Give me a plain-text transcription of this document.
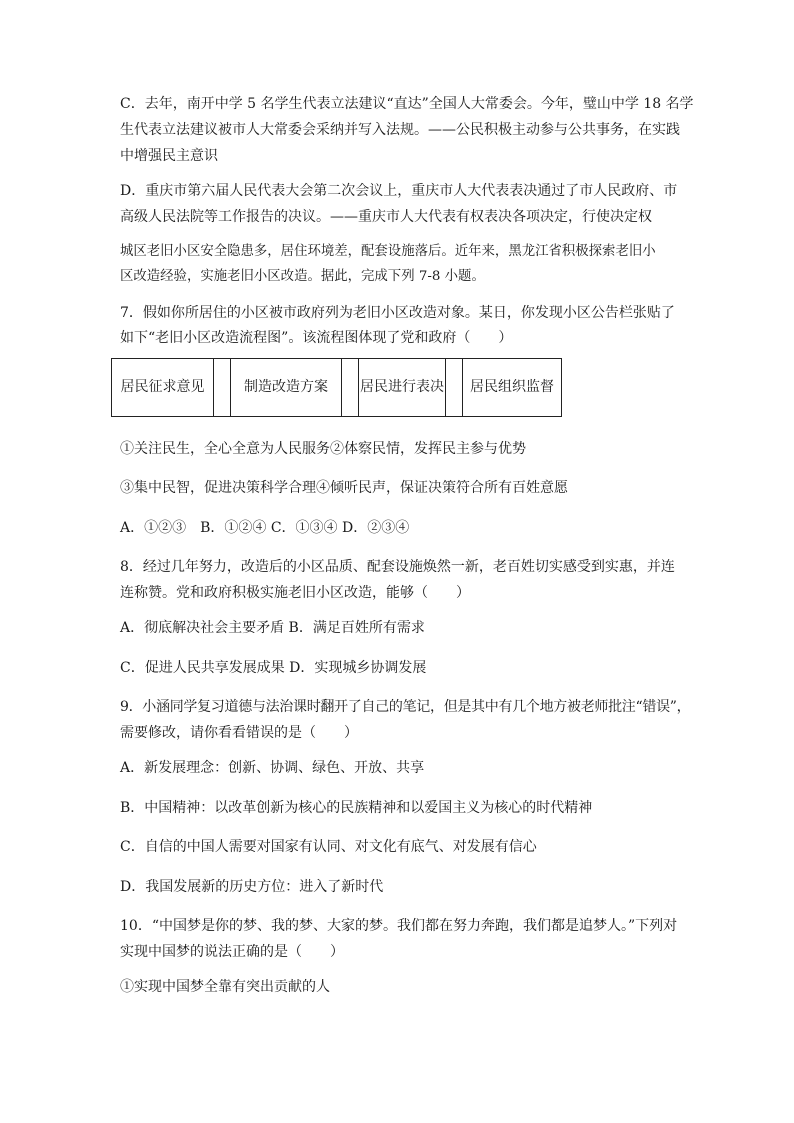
C．去年，南开中学 5 名学生代表立法建议“直达”全国人大常委会。今年，璧山中学 18 名学

生代表立法建议被市人大常委会采纳并写入法规。——公民积极主动参与公共事务，在实践

中增强民主意识

D．重庆市第六届人民代表大会第二次会议上，重庆市人大代表表决通过了市人民政府、市

高级人民法院等工作报告的决议。——重庆市人大代表有权表决各项决定，行使决定权

城区老旧小区安全隐患多，居住环境差，配套设施落后。近年来，黑龙江省积极探索老旧小

区改造经验，实施老旧小区改造。据此，完成下列 7-8 小题。

7．假如你所居住的小区被市政府列为老旧小区改造对象。某日，你发现小区公告栏张贴了

如下“老旧小区改造流程图”。该流程图体现了党和政府（　　）

居民征求意见	制造改造方案	居民进行表决	居民组织监督

①关注民生，全心全意为人民服务②体察民情，发挥民主参与优势

③集中民智，促进决策科学合理④倾听民声，保证决策符合所有百姓意愿

A．①②③　B．①②④ C．①③④ D．②③④

8．经过几年努力，改造后的小区品质、配套设施焕然一新，老百姓切实感受到实惠，并连

连称赞。党和政府积极实施老旧小区改造，能够（　　）

A．彻底解决社会主要矛盾 B．满足百姓所有需求

C．促进人民共享发展成果 D．实现城乡协调发展

9．小涵同学复习道德与法治课时翻开了自己的笔记，但是其中有几个地方被老师批注“错误”，

需要修改，请你看看错误的是（　　）

A．新发展理念：创新、协调、绿色、开放、共享

B．中国精神：以改革创新为核心的民族精神和以爱国主义为核心的时代精神

C．自信的中国人需要对国家有认同、对文化有底气、对发展有信心

D．我国发展新的历史方位：进入了新时代

10．“中国梦是你的梦、我的梦、大家的梦。我们都在努力奔跑，我们都是追梦人。”下列对

实现中国梦的说法正确的是（　　）

①实现中国梦全靠有突出贡献的人
